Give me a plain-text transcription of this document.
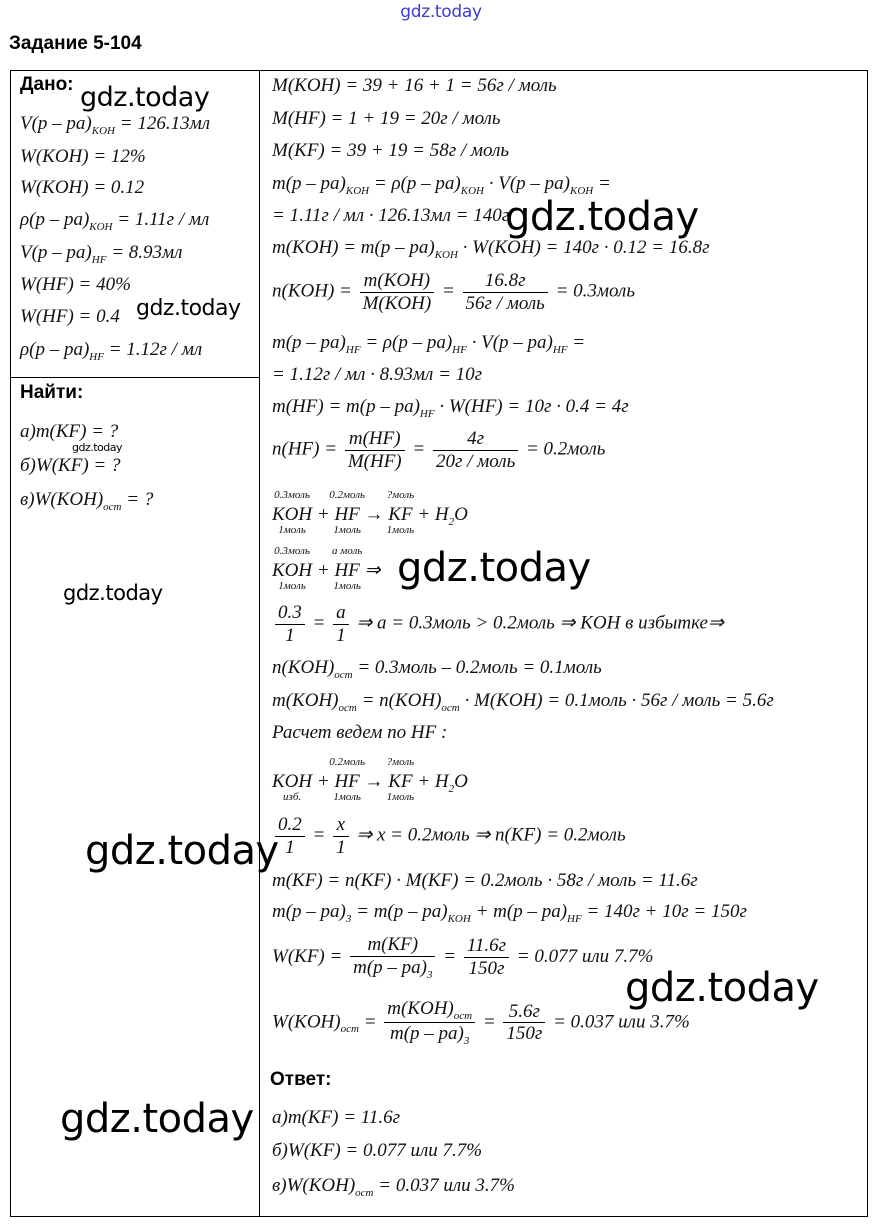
gdz.today
Задание 5-104
Дано:
$V(p - pa)_{KOH} = 126.13мл$
W(KOH) = 12%
W(KOH) = 0.12
$\rho(p - pa)_{KOH} = 1.11г$ / мл
$V(p - pa)_{HF} = 8.93мл$
W(HF) = 40%
W(HF) = 0.4
$\rho(p - pa)_{HF} = 1.12г$ / мл
Найти:
a)m(KF) = ?
б)W(KF) = ?
$в)W(KOH)_{ост}$ = ?
M(KOH) = 39 + 16 + 1 = 56г / моль
M(HF) = 1 + 19 = 20г / моль
M(KF) = 39 + 19 = 58г / моль
$m(p - pa)_{KOH} = \rho(p - pa)_{KOH} \cdot V(p - pa)_{KOH}$ =
= 1.11г / мл · 126.13мл = 140г
$m(KOH) = m(p - pa)_{KOH} \cdot W(KOH) = 140г \cdot 0.12 = 16.8г$
$n(KOH) = \frac{\text{m(KOH)}}{\text{M(KOH)}} = \frac{16.8г}{\text{56г / моль}}$ = 0.3моль
$m(p - pa)_{HF} = \rho(p - pa)_{HF} \cdot V(p - pa)_{HF}$ =
= 1.12г / мл · 8.93мл = 10г
$m(HF) = m(p - pa)_{HF} \cdot W(HF) = 10г \cdot 0.4 = 4г$
$n(HF) = \frac{m(HF)}{M(HF)} = \frac{4г}{\text{20г / моль}}$ = 0.2моль
0.3моль
KOH
1моль
+
0.2моль
HF
1моль
→
?моль
KF
1моль
+ $H_2O$
0.3моль
KOH
1моль
+
a моль
HF
1моль
⇒
$\frac{0.3}{1} = \frac{a}{1}$ ⇒ a = 0.3моль > 0.2моль ⇒ KOH в избытке⇒
$n(KOH)_{ост}$ = 0.3моль – 0.2моль = 0.1моль
$m(KOH)_{ост} = n(KOH)_{ост} \cdot M(KOH)$ = 0.1моль · 56г / моль = 5.6г
Расчет ведем по HF :
KOH
изб.
+
0.2моль
HF
1моль
→
?моль
KF
1моль
+ $H_2O$
$\frac{0.2}{1} = \frac{x}{1}$ ⇒ x = 0.2моль ⇒ n(KF) = 0.2моль
m(KF) = n(KF) · M(KF) = 0.2моль · 58г / моль = 11.6г
$m(p - pa)_3 = m(p - pa)_{KOH} + m(p - pa)_{HF} = 140г + 10г = 150г$
$W(KF) = \frac{m(KF)}{m(p - pa)_3} = \frac{11.6г}{150г} = 0.077$ или 7.7%
$W(KOH)_{ост} = \frac{m(KOH)_{ост}}{m(p - pa)_3} = \frac{5.6г}{150г} = 0.037$ или 3.7%
Ответ:
a)m(KF) = 11.6г
б)W(KF) = 0.077 или 7.7%
$в)W(KOH)_{ост} = 0.037$ или 3.7%
gdz.today
gdz.today
gdz.today
gdz.today
gdz.today
gdz.today
gdz.today
gdz.today
gdz.today
